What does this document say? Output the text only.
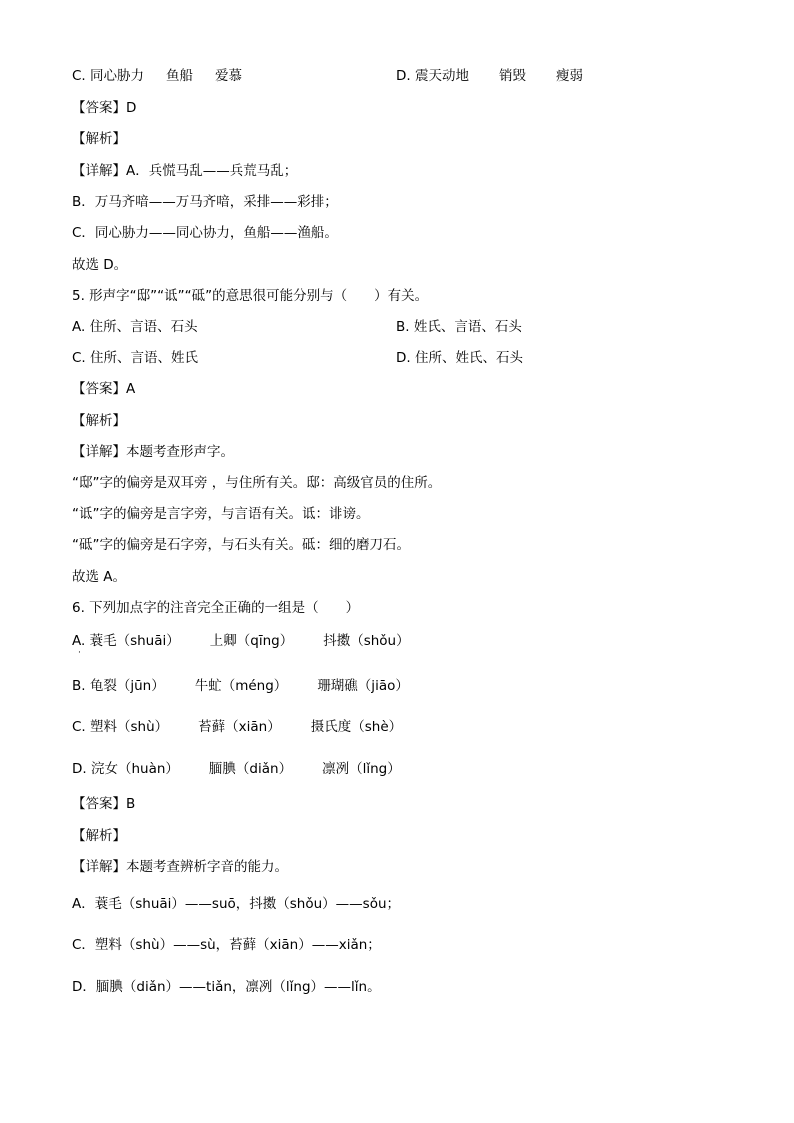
C. 同心胁力 鱼船 爱慕	D. 震天动地 销毁 瘦弱
【答案】D
【解析】
【详解】A．兵慌马乱——兵荒马乱；
B．万马齐喑——万马齐喑，采排——彩排；
C．同心胁力——同心协力，鱼船——渔船。
故选 D。
5. 形声字“邸”“诋”“砥”的意思很可能分别与（　　）有关。
A. 住所、言语、石头	B. 姓氏、言语、石头
C. 住所、言语、姓氏	D. 住所、姓氏、石头
【答案】A
【解析】
【详解】本题考查形声字。
“邸”字的偏旁是双耳旁 ，与住所有关。邸：高级官员的住所。
“诋”字的偏旁是言字旁，与言语有关。诋：诽谤。
“砥”字的偏旁是石字旁，与石头有关。砥：细的磨刀石。
故选 A。
6. 下列加点字的注音完全正确的一组是（　　）
A. 蓑毛（shuāi） 上卿（qīng） 抖擞（shǒu）
·
B. 龟裂（jūn） 牛虻（méng） 珊瑚礁（jiāo）
C. 塑料（shù） 苔藓（xiān） 摄氏度（shè）
D. 浣女（huàn） 腼腆（diǎn） 凛冽（lǐng）
【答案】B
【解析】
【详解】本题考查辨析字音的能力。
A．蓑毛（shuāi）——suō，抖擞（shǒu）——sǒu；
C．塑料（shù）——sù，苔藓（xiān）——xiǎn；
D．腼腆（diǎn）——tiǎn，凛冽（lǐng）——lǐn。
